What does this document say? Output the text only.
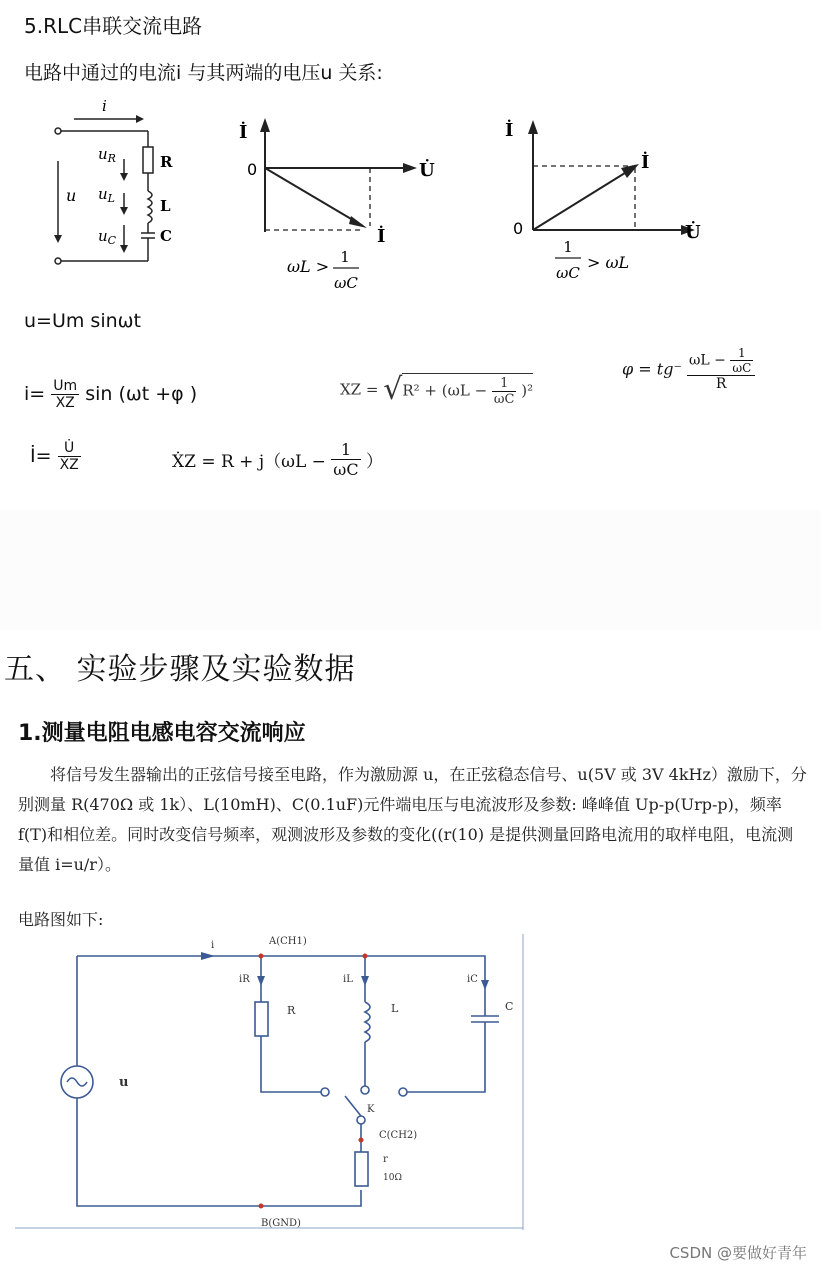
5.RLC串联交流电路
电路中通过的电流i 与其两端的电压u 关系:
i
$u_R$
$u_L$
$u_C$
u
R
L
C
İ
U̇
0
İ
ωL > 1
ωC
İ
U̇
0
İ
1
ωC
> ωL
u=Um sinωt
$i= \frac{Um}{XZ}$ sin (ωt +φ )	XZ = $√R^2 + (\omega L - \frac{1}{\omega C} )^2$
$\varphi = tg^- \frac{\omega L - \frac{1}{\omega C}}{R}$
İ= $\frac{U̇}{\text{ẊZ}}$	ẊZ = $R + j(\omega L - \frac{1}{\omega C}$ ）
五、 实验步骤及实验数据
1.测量电阻电感电容交流响应
将信号发生器输出的正弦信号接至电路，作为激励源 u，在正弦稳态信号、u(5V 或 3V 4kHz）激励下，分别测量 R(470Ω 或 1k）、L(10mH)、C(0.1uF)元件端电压与电流波形及参数: 峰峰值 Up-p(Urp-p)，频率 f(T)和相位差。同时改变信号频率，观测波形及参数的变化((r(10) 是提供测量回路电流用的取样电阻，电流测量值 i=u/r）。
电路图如下:
i	A(CH1)
iR	iL	iC
R	L	C
u
K
C(CH2)
r
10Ω
B(GND)
CSDN @要做好青年
